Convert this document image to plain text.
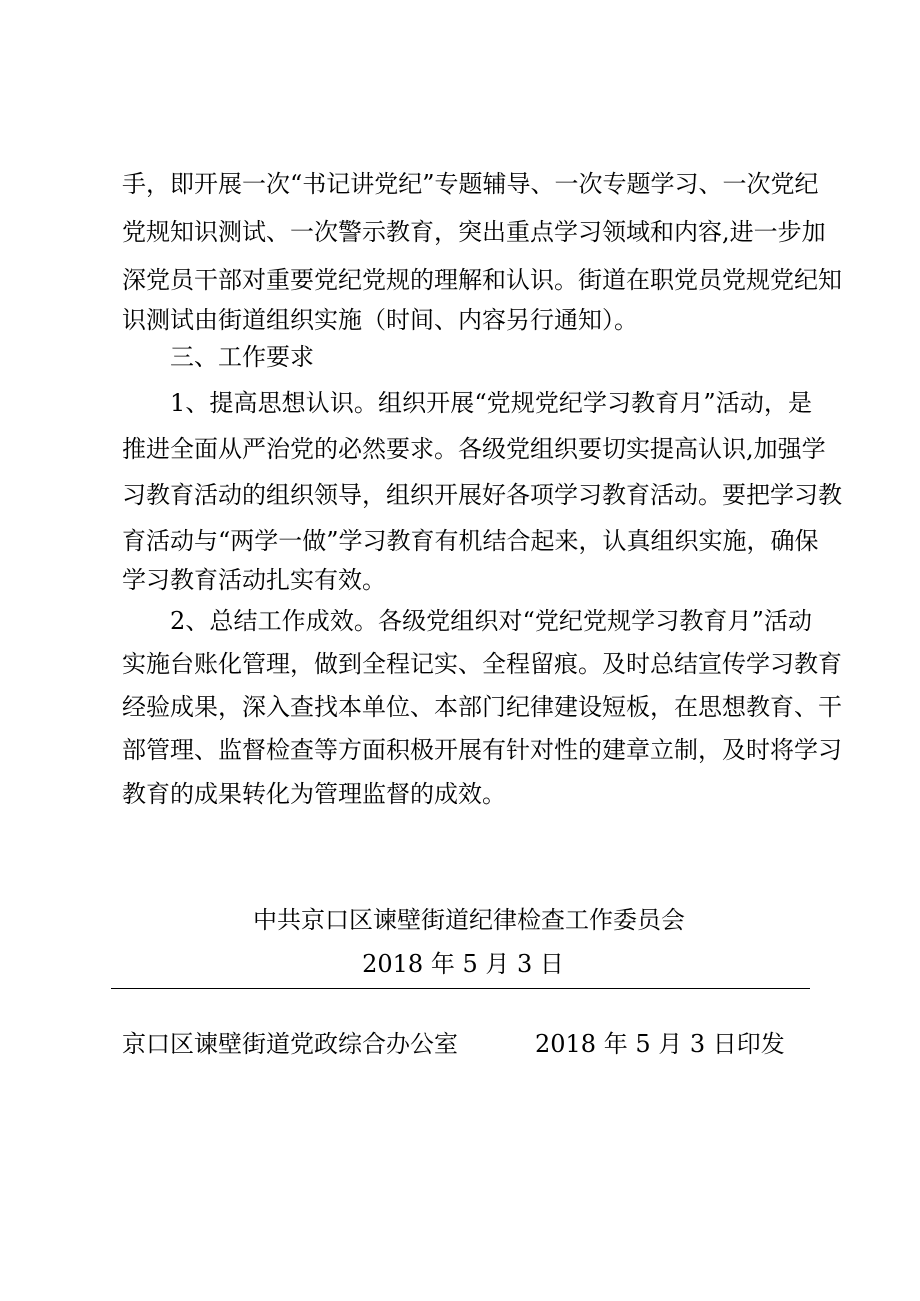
手，即开展一次“书记讲党纪”专题辅导、一次专题学习、一次党纪
党规知识测试、一次警示教育，突出重点学习领域和内容,进一步加
深党员干部对重要党纪党规的理解和认识。街道在职党员党规党纪知
识测试由街道组织实施（时间、内容另行通知）。
三、工作要求
1、提高思想认识。组织开展“党规党纪学习教育月”活动，是
推进全面从严治党的必然要求。各级党组织要切实提高认识,加强学
习教育活动的组织领导，组织开展好各项学习教育活动。要把学习教
育活动与“两学一做”学习教育有机结合起来，认真组织实施，确保
学习教育活动扎实有效。
2、总结工作成效。各级党组织对“党纪党规学习教育月”活动
实施台账化管理，做到全程记实、全程留痕。及时总结宣传学习教育
经验成果，深入查找本单位、本部门纪律建设短板，在思想教育、干
部管理、监督检查等方面积极开展有针对性的建章立制，及时将学习
教育的成果转化为管理监督的成效。
中共京口区谏壁街道纪律检查工作委员会
2018 年 5 月 3 日
京口区谏壁街道党政综合办公室	2018 年 5 月 3 日印发
